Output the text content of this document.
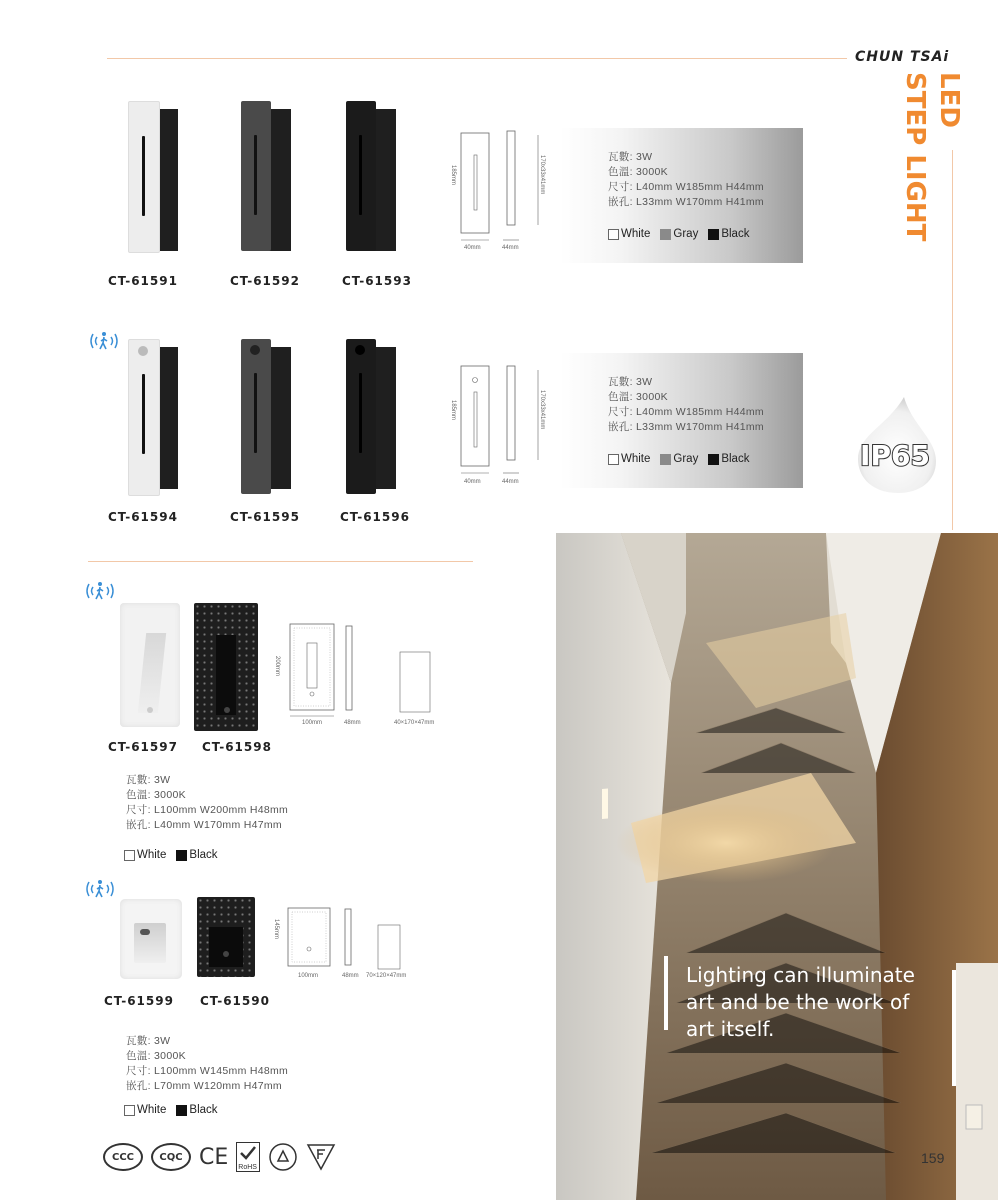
CHUN TSAi
LED
STEP LIGHT
CT-61591	CT-61592	CT-61593
185mm	170x33x41mm
40mm	44mm
瓦數: 3W
色溫: 3000K
尺寸: L40mm W185mm H44mm
嵌孔: L33mm W170mm H41mm
White Gray Black
CT-61594	CT-61595	CT-61596
185mm	170x33x41mm
40mm	44mm
瓦數: 3W
色溫: 3000K
尺寸: L40mm W185mm H44mm
嵌孔: L33mm W170mm H41mm
White Gray Black	IP65
CT-61597 CT-61598
200mm
100mm	48mm	40×170×47mm
瓦數: 3W
色溫: 3000K
尺寸: L100mm W200mm H48mm
嵌孔: L40mm W170mm H47mm
White Black
CT-61599 CT-61590
145mm
100mm	48mm 70×120×47mm
瓦數: 3W
色溫: 3000K
尺寸: L100mm W145mm H48mm
嵌孔: L70mm W120mm H47mm
White Black
CCC	CQC CE RoHS
Lighting can illuminate
art and be the work of
art itself.
159
